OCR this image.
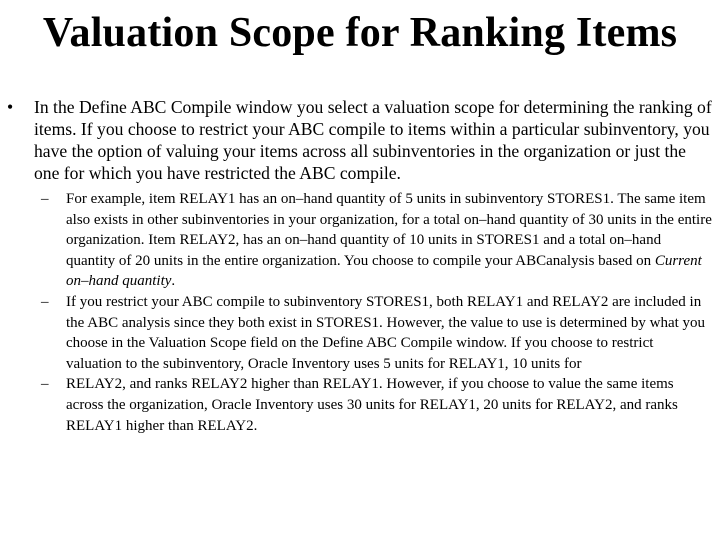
Valuation Scope for Ranking Items
• In the Define ABC Compile window you select a valuation scope for determining the ranking of items. If you choose to restrict your ABC compile to items within a particular subinventory, you have the option of valuing your items across all subinventories in the organization or just the one for which you have restricted the ABC compile.
– For example, item RELAY1 has an on–hand quantity of 5 units in subinventory STORES1. The same item also exists in other subinventories in your organization, for a total on–hand quantity of 30 units in the entire organization. Item RELAY2, has an on–hand quantity of 10 units in STORES1 and a total on–hand quantity of 20 units in the entire organization. You choose to compile your ABCanalysis based on Current on–hand quantity.
– If you restrict your ABC compile to subinventory STORES1, both RELAY1 and RELAY2 are included in the ABC analysis since they both exist in STORES1. However, the value to use is determined by what you choose in the Valuation Scope field on the Define ABC Compile window. If you choose to restrict valuation to the subinventory, Oracle Inventory uses 5 units for RELAY1, 10 units for
– RELAY2, and ranks RELAY2 higher than RELAY1. However, if you choose to value the same items across the organization, Oracle Inventory uses 30 units for RELAY1, 20 units for RELAY2, and ranks RELAY1 higher than RELAY2.
